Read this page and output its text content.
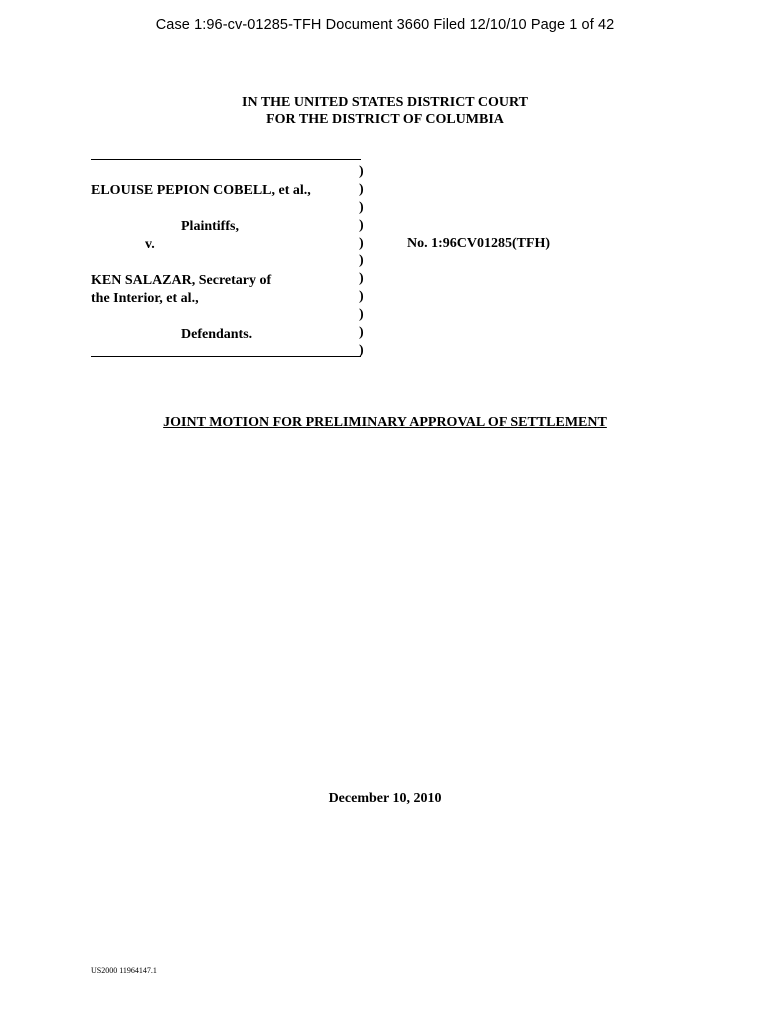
Case 1:96-cv-01285-TFH Document 3660 Filed 12/10/10 Page 1 of 42
IN THE UNITED STATES DISTRICT COURT
FOR THE DISTRICT OF COLUMBIA
ELOUISE PEPION COBELL, et al.,
Plaintiffs,
v.
KEN SALAZAR, Secretary of
the Interior, et al.,
Defendants.
)
)
)
)
)
)
)
)
)
)
)
No. 1:96CV01285(TFH)
JOINT MOTION FOR PRELIMINARY APPROVAL OF SETTLEMENT
December 10, 2010
US2000 11964147.1
